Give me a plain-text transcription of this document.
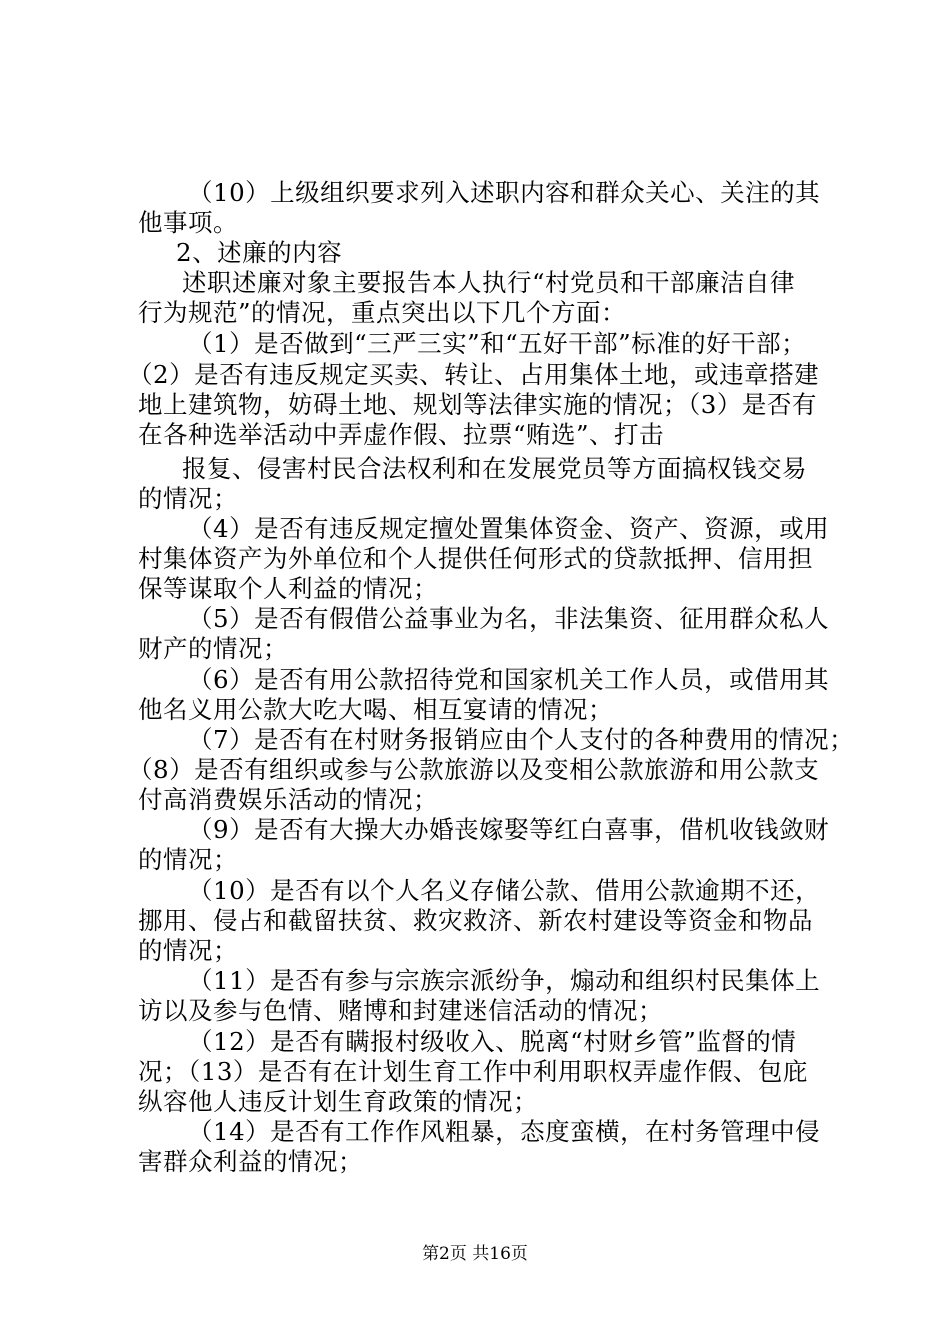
（10）上级组织要求列入述职内容和群众关心、关注的其
他事项。
2、述廉的内容
述职述廉对象主要报告本人执行“村党员和干部廉洁自律
行为规范”的情况，重点突出以下几个方面：
（1）是否做到“三严三实”和“五好干部”标准的好干部；
（2）是否有违反规定买卖、转让、占用集体土地，或违章搭建
地上建筑物，妨碍土地、规划等法律实施的情况；（3）是否有
在各种选举活动中弄虚作假、拉票“贿选”、打击
报复、侵害村民合法权利和在发展党员等方面搞权钱交易
的情况；
（4）是否有违反规定擅处置集体资金、资产、资源，或用
村集体资产为外单位和个人提供任何形式的贷款抵押、信用担
保等谋取个人利益的情况；
（5）是否有假借公益事业为名，非法集资、征用群众私人
财产的情况；
（6）是否有用公款招待党和国家机关工作人员，或借用其
他名义用公款大吃大喝、相互宴请的情况；
（7）是否有在村财务报销应由个人支付的各种费用的情况；
（8）是否有组织或参与公款旅游以及变相公款旅游和用公款支
付高消费娱乐活动的情况；
（9）是否有大操大办婚丧嫁娶等红白喜事，借机收钱敛财
的情况；
（10）是否有以个人名义存储公款、借用公款逾期不还，
挪用、侵占和截留扶贫、救灾救济、新农村建设等资金和物品
的情况；
（11）是否有参与宗族宗派纷争，煽动和组织村民集体上
访以及参与色情、赌博和封建迷信活动的情况；
（12）是否有瞒报村级收入、脱离“村财乡管”监督的情
况；（13）是否有在计划生育工作中利用职权弄虚作假、包庇
纵容他人违反计划生育政策的情况；
（14）是否有工作作风粗暴，态度蛮横，在村务管理中侵
害群众利益的情况；
第2页 共16页
